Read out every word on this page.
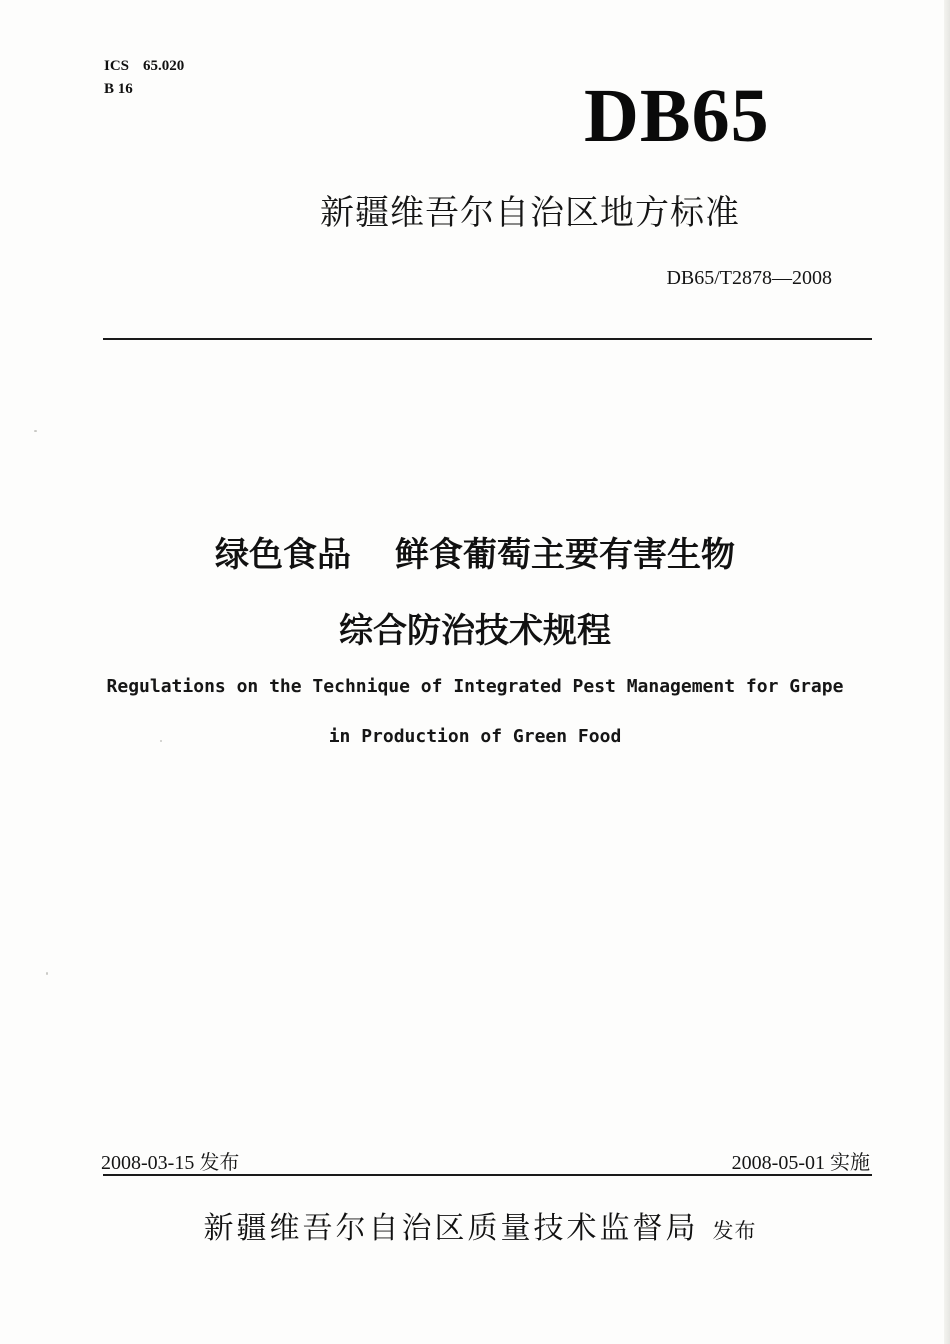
ICS 65.020
B 16	DB65
新疆维吾尔自治区地方标准
DB65/T2878—2008
绿色食品 鲜食葡萄主要有害生物
综合防治技术规程
Regulations on the Technique of Integrated Pest Management for Grape
in Production of Green Food
2008-03-15 发布	2008-05-01 实施
新疆维吾尔自治区质量技术监督局 发布
